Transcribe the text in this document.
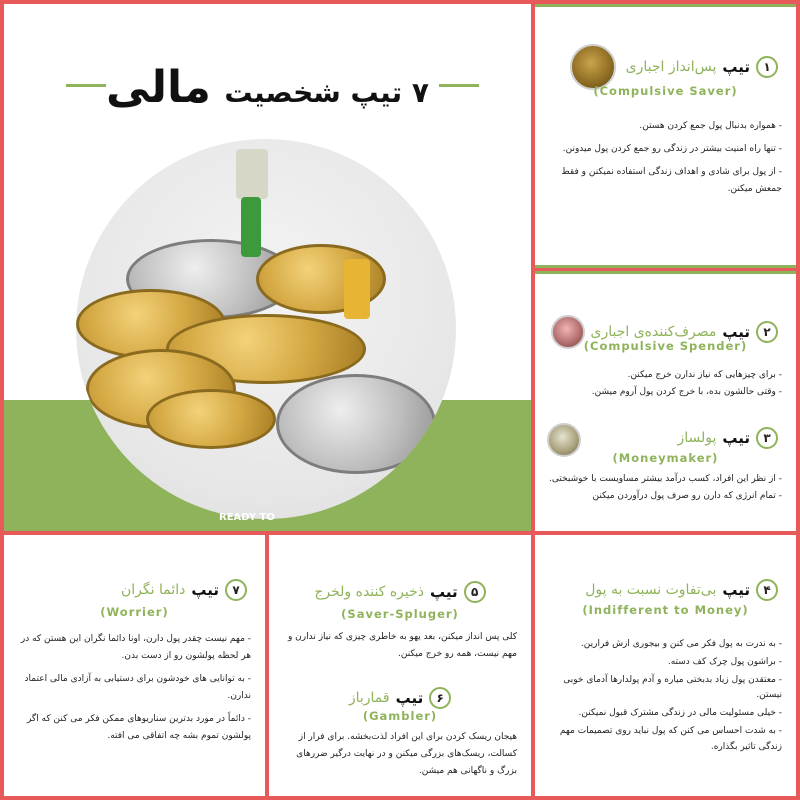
۷ تیپ شخصیت مالی
READY TO
۱
تیپ
پس‌انداز اجباری
(Compulsive Saver)

- همواره بدنبال پول جمع کردن هستن.

- تنها راه امنیت بیشتر در زندگی رو جمع کردن پول میدونن.

- از پول برای شادی و اهداف زندگی استفاده نمیکنن و فقط جمعش میکنن.

۲
تیپ
مصرف‌کننده‌ی اجباری
(Compulsive Spender)

- برای چیزهایی که نیاز ندارن خرج میکنن.

- وقتی حالشون بده، با خرج کردن پول آروم میشن.

۳
تیپ
پولساز
(Moneymaker)

- از نظر این افراد، کسب درآمد بیشتر مساویست با خوشبختی.

- تمام انرژی که دارن رو صرف پول درآوردن میکنن

۴
تیپ
بی‌تفاوت نسبت به پول
(Indifferent to Money)

- به ندرت به پول فکر می کنن و بیجوری ازش فرارین.

- براشون پول چرک کف دسته.

- معتقدن پول زیاد بدبختی میاره و آدم پولدارها آدمای خوبی نیستن.

- خیلی مسئولیت مالی در زندگی مشترک قبول نمیکنن.

- به شدت احساس می کنن که پول نباید روی تصمیمات مهم زندگی تاثیر بگذاره.

۵
تیپ
ذخیره کننده ولخرج
(Saver-Spluger)
کلی پس انداز میکنن، بعد یهو به خاطری چیزی که نیاز ندارن و مهم نیست، همه رو خرج میکنن.
۶
تیپ
قمارباز
(Gambler)
هیجان ریسک کردن برای این افراد لذت‌بخشه. برای فرار از کسالت، ریسک‌های بزرگی میکنن و در نهایت درگیر ضررهای بزرگ و ناگهانی هم میشن.
۷
تیپ
دائما نگران
(Worrier)

- مهم نیست چقدر پول دارن، اونا دائما نگران این هستن که در هر لحظه پولشون رو از دست بدن.

- به توانایی های خودشون برای دستیابی به آزادی مالی اعتماد ندارن.

- دائماً در مورد بدترین سناریوهای ممکن فکر می کنن که اگر پولشون تموم بشه چه اتفاقی می افته.
